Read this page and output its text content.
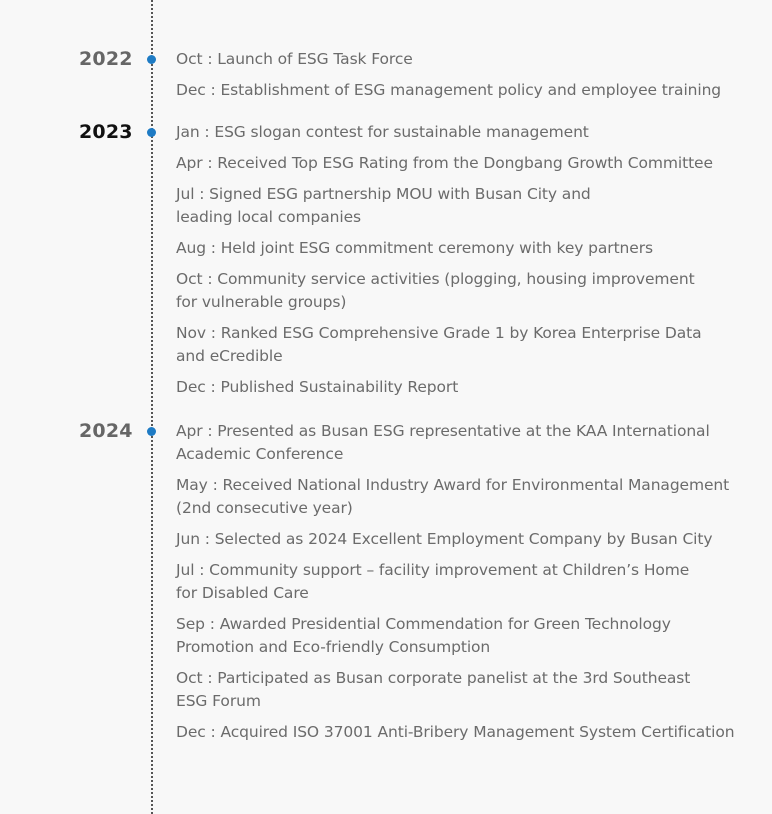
2022	Oct : Launch of ESG Task Force
Dec : Establishment of ESG management policy and employee training
2023	Jan : ESG slogan contest for sustainable management
Apr : Received Top ESG Rating from the Dongbang Growth Committee
Jul : Signed ESG partnership MOU with Busan City and
leading local companies
Aug : Held joint ESG commitment ceremony with key partners
Oct : Community service activities (plogging, housing improvement
for vulnerable groups)
Nov : Ranked ESG Comprehensive Grade 1 by Korea Enterprise Data
and eCredible
Dec : Published Sustainability Report
2024	Apr : Presented as Busan ESG representative at the KAA International
Academic Conference
May : Received National Industry Award for Environmental Management
(2nd consecutive year)
Jun : Selected as 2024 Excellent Employment Company by Busan City
Jul : Community support – facility improvement at Children’s Home
for Disabled Care
Sep : Awarded Presidential Commendation for Green Technology
Promotion and Eco-friendly Consumption
Oct : Participated as Busan corporate panelist at the 3rd Southeast
ESG Forum
Dec : Acquired ISO 37001 Anti-Bribery Management System Certification
